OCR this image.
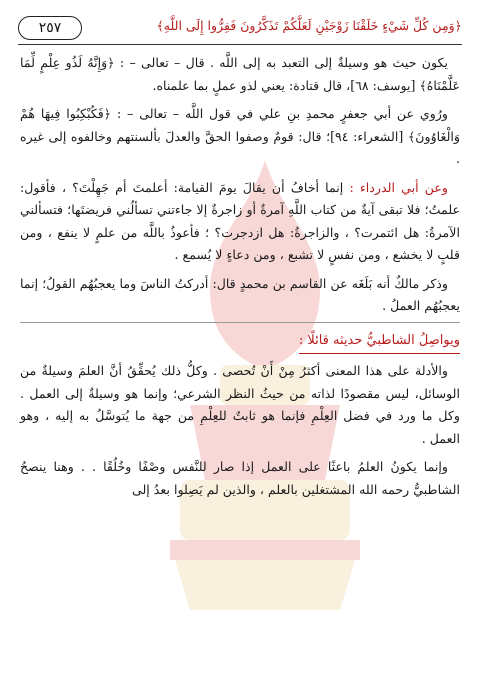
﴿وَمِن كُلِّ شَيْءٍ خَلَقْنَا زَوْجَيْنِ لَعَلَّكُمْ تَذَكَّرُونَ فَفِرُّوا إِلَى اللَّهِ﴾
٢٥٧

يكون حيث هو وسيلةٌ إلى التعبد به إلى اللَّه . قال – تعالى – : ﴿وَإِنَّهُ لَذُو عِلْمٍ لِّمَا عَلَّمْنَاهُ﴾ [يوسف: ٦٨]، قال قتادة: يعني لذو عملٍ بما علمناه.

ورُوي عن أبي جعفرٍ محمدِ بنِ علي في قول اللَّه – تعالى – : ﴿فَكُبْكِبُوا فِيهَا هُمْ وَالْغَاوُونَ﴾ [الشعراء: ٩٤]؛ قال: قومٌ وصفوا الحقَّ والعدلَ بألسنتهم وخالفوه إلى غيره .

وعن أبي الدرداء : إنما أخافُ أن يقالَ يومَ القيامة: أعلمتَ أم جَهِلْتَ؟ ، فأقول: علمتُ؛ فلا تبقى آيةٌ من كتاب اللَّهِ آمرةٌ أو زاجرةٌ إلا جاءتني تسألُني فريضتَها؛ فتسألني الآمرةُ: هل ائتمرت؟ ، والزاجرةُ: هل ازدجرت؟ ؛ فأعوذُ باللَّه من علمٍ لا ينفع ، ومن قلبٍ لا يخشع ، ومن نفسٍ لا تشبع ، ومن دعاءٍ لا يُسمع .

وذكر مالكٌ أنه بَلَغَه عن القاسم بن محمدٍ قال: أدركتُ الناسَ وما يعجبُهُم القولُ؛ إنما يعجبُهُم العملُ .

ويواصِلُ الشاطبيُّ حديثه قائلًا :

والأدلة على هذا المعنى أكثرُ مِنْ أَنْ تُحصى . وكلُّ ذلك يُحقِّقُ أنَّ العلمَ وسيلةٌ من الوسائل، ليس مقصودًا لذاته من حيثُ النظر الشرعي؛ وإنما هو وسيلةٌ إلى العمل . وكل ما ورد في فضل العِلْمِ فإنما هو ثابتٌ للعِلْمِ من جهة ما يُتوسَّلُ به إليه ، وهو العمل .

وإنما يكونُ العلمُ باعثًا على العمل إذا صار للنَّفس وصْفًا وخُلُقًا . . وهنا ينصحُ الشاطبيُّ رحمه الله المشتغلين بالعلم ، والذين لم يَصِلوا بعدُ إلى
